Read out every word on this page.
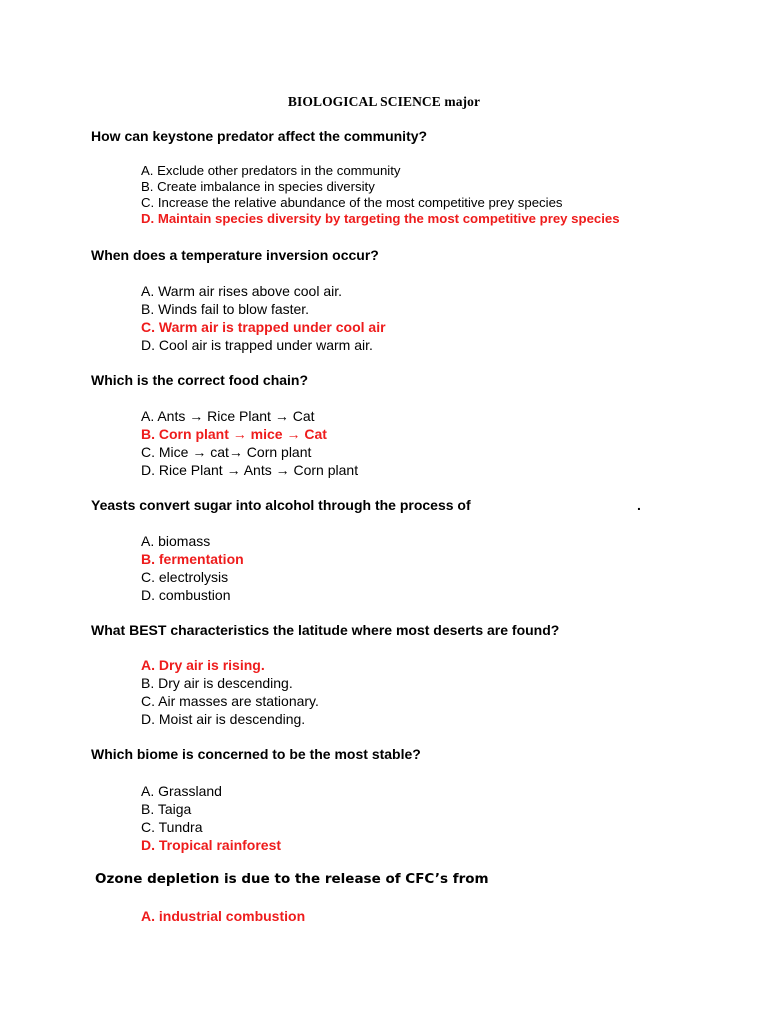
BIOLOGICAL SCIENCE major
How can keystone predator affect the community?
A. Exclude other predators in the community
B. Create imbalance in species diversity
C. Increase the relative abundance of the most competitive prey species
D. Maintain species diversity by targeting the most competitive prey species
When does a temperature inversion occur?
A. Warm air rises above cool air.
B. Winds fail to blow faster.
C. Warm air is trapped under cool air
D. Cool air is trapped under warm air.
Which is the correct food chain?
A. Ants → Rice Plant → Cat
B. Corn plant → mice → Cat
C. Mice → cat→ Corn plant
D. Rice Plant → Ants → Corn plant
Yeasts convert sugar into alcohol through the process of	.
A. biomass
B. fermentation
C. electrolysis
D. combustion
What BEST characteristics the latitude where most deserts are found?
A. Dry air is rising.
B. Dry air is descending.
C. Air masses are stationary.
D. Moist air is descending.
Which biome is concerned to be the most stable?
A. Grassland
B. Taiga
C. Tundra
D. Tropical rainforest
Ozone depletion is due to the release of CFC’s from
A. industrial combustion
